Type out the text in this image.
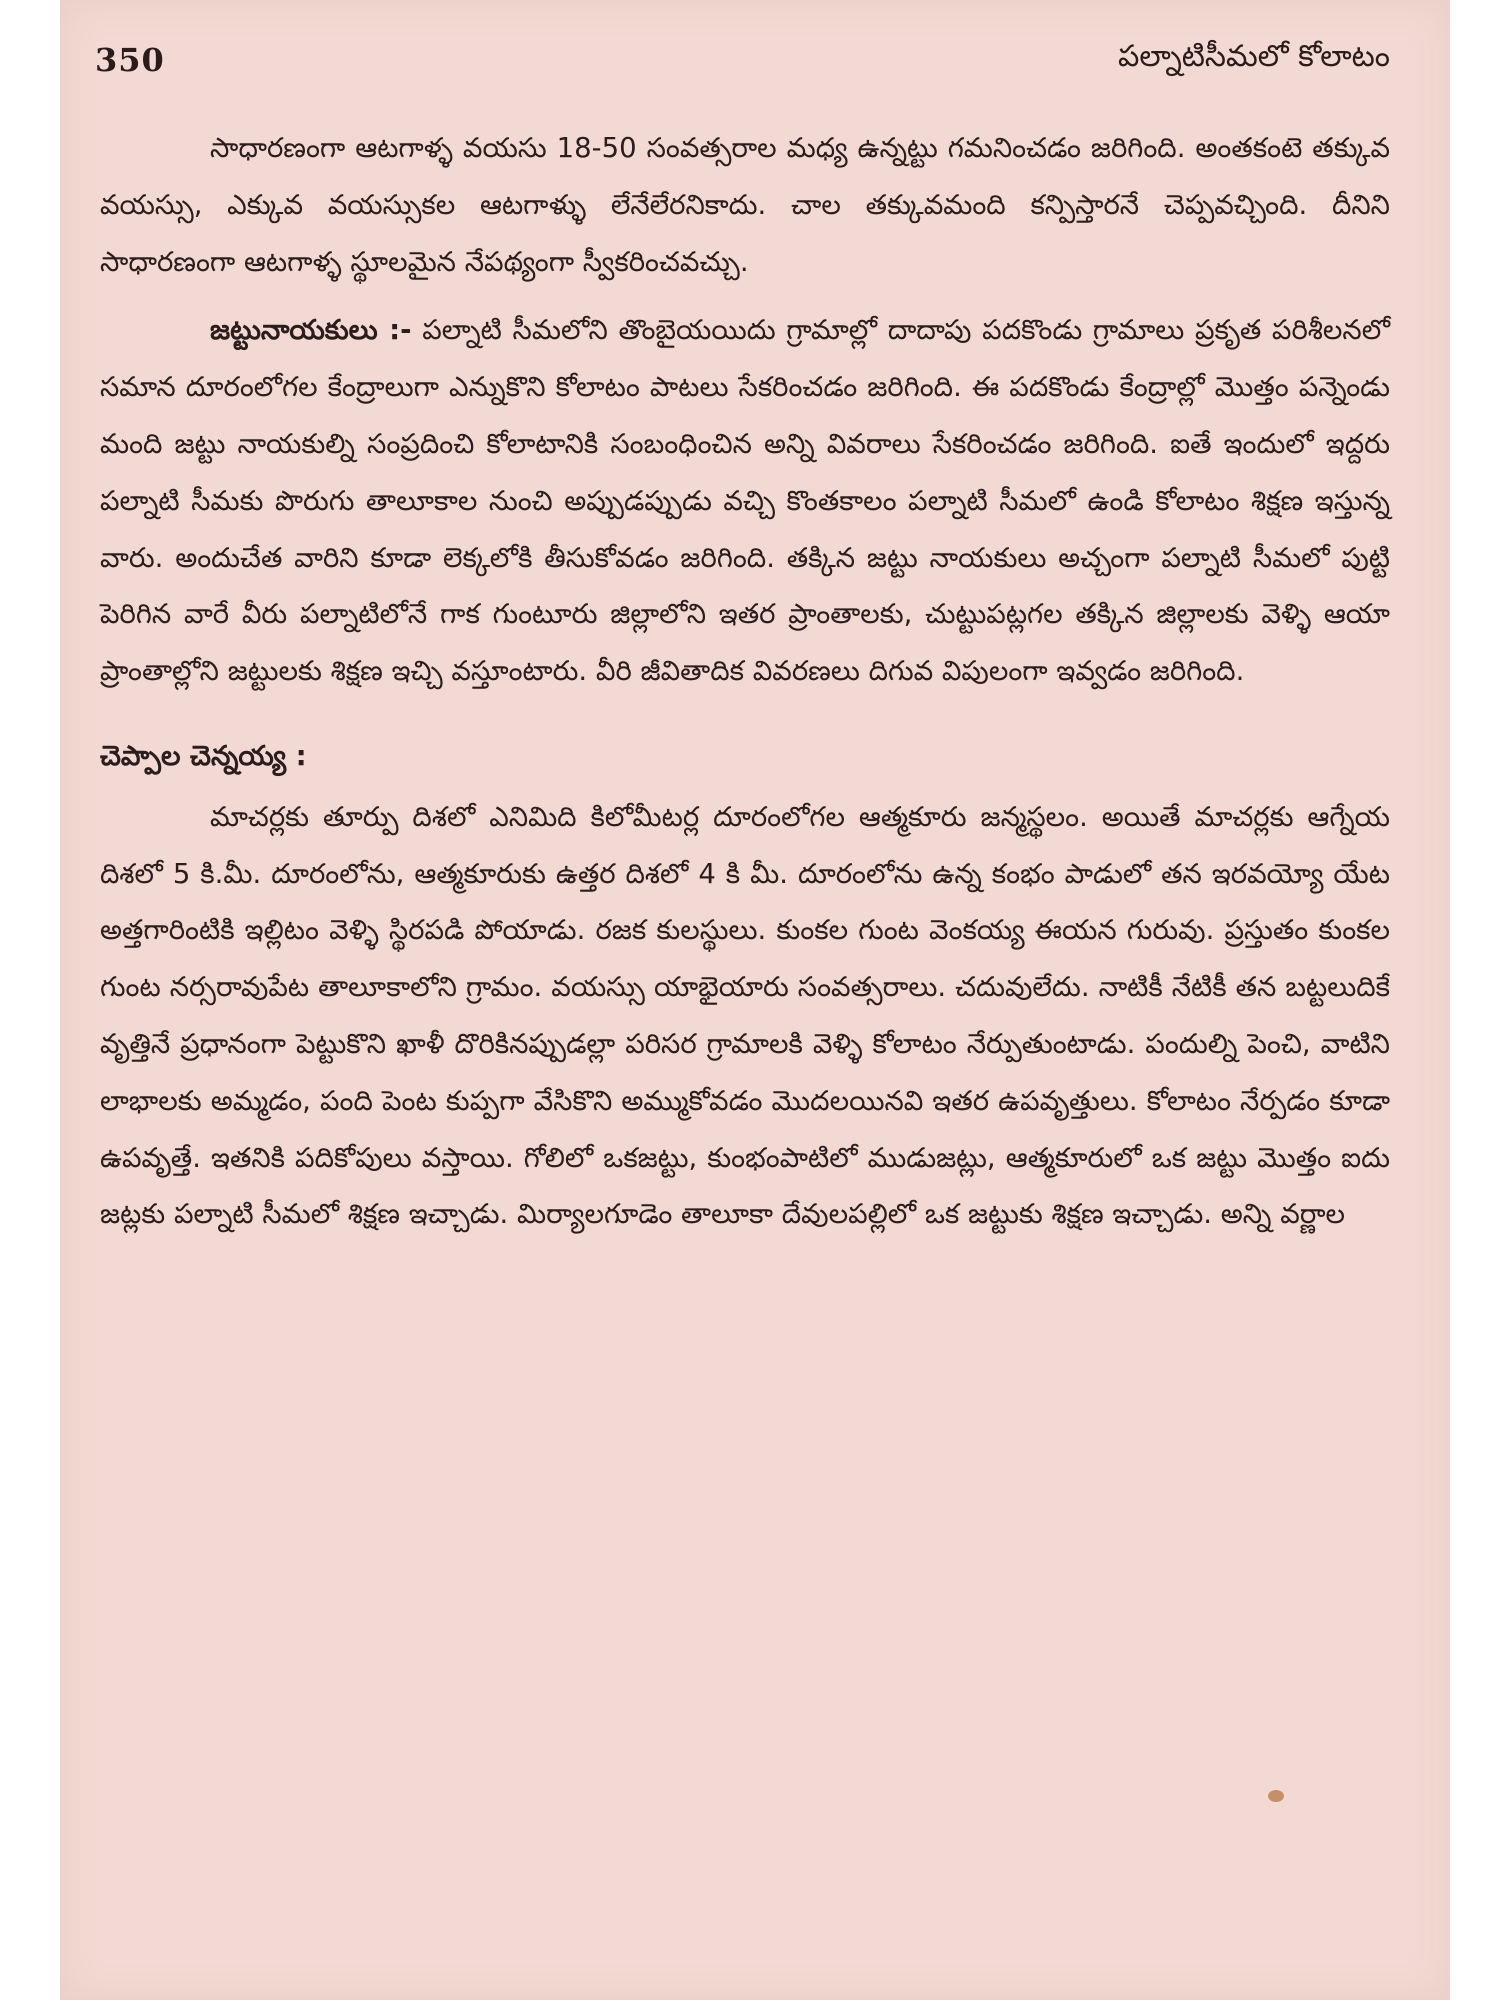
350	పల్నాటిసీమలో కోలాటం

సాధారణంగా ఆటగాళ్ళ వయసు 18-50 సంవత్సరాల మధ్య ఉన్నట్టు గమనించడం జరిగింది. అంతకంటె తక్కువ వయస్సు, ఎక్కువ వయస్సుకల ఆటగాళ్ళు లేనేలేరనికాదు. చాల తక్కువమంది కన్పిస్తారనే చెప్పవచ్చింది. దీనిని సాధారణంగా ఆటగాళ్ళ స్థూలమైన నేపథ్యంగా స్వీకరించవచ్చు.

జట్టునాయకులు :- పల్నాటి సీమలోని తొంబైయయిదు గ్రామాల్లో దాదాపు పదకొండు గ్రామాలు ప్రకృత పరిశీలనలో సమాన దూరంలోగల కేంద్రాలుగా ఎన్నుకొని కోలాటం పాటలు సేకరించడం జరిగింది. ఈ పదకొండు కేంద్రాల్లో మొత్తం పన్నెండు మంది జట్టు నాయకుల్ని సంప్రదించి కోలాటానికి సంబంధించిన అన్ని వివరాలు సేకరించడం జరిగింది. ఐతే ఇందులో ఇద్దరు పల్నాటి సీమకు పొరుగు తాలూకాల నుంచి అప్పుడప్పుడు వచ్చి కొంతకాలం పల్నాటి సీమలో ఉండి కోలాటం శిక్షణ ఇస్తున్న వారు. అందుచేత వారిని కూడా లెక్కలోకి తీసుకోవడం జరిగింది. తక్కిన జట్టు నాయకులు అచ్చంగా పల్నాటి సీమలో పుట్టి పెరిగిన వారే వీరు పల్నాటిలోనే గాక గుంటూరు జిల్లాలోని ఇతర ప్రాంతాలకు, చుట్టుపట్లగల తక్కిన జిల్లాలకు వెళ్ళి ఆయా ప్రాంతాల్లోని జట్టులకు శిక్షణ ఇచ్చి వస్తూంటారు. వీరి జీవితాదిక వివరణలు దిగువ విపులంగా ఇవ్వడం జరిగింది.

చెప్పాల చెన్నయ్య :

మాచర్లకు తూర్పు దిశలో ఎనిమిది కిలోమీటర్ల దూరంలోగల ఆత్మకూరు జన్మస్థలం. అయితే మాచర్లకు ఆగ్నేయ దిశలో 5 కి.మీ. దూరంలోను, ఆత్మకూరుకు ఉత్తర దిశలో 4 కి మీ. దూరంలోను ఉన్న కంభం పాడులో తన ఇరవయ్యో యేట అత్తగారింటికి ఇల్లిటం వెళ్ళి స్థిరపడి పోయాడు. రజక కులస్థులు. కుంకల గుంట వెంకయ్య ఈయన గురువు. ప్రస్తుతం కుంకల గుంట నర్సరావుపేట తాలూకాలోని గ్రామం. వయస్సు యాభైయారు సంవత్సరాలు. చదువులేదు. నాటికీ నేటికీ తన బట్టలుదికే వృత్తినే ప్రధానంగా పెట్టుకొని ఖాళీ దొరికినప్పుడల్లా పరిసర గ్రామాలకి వెళ్ళి కోలాటం నేర్పుతుంటాడు. పందుల్ని పెంచి, వాటిని లాభాలకు అమ్మడం, పంది పెంట కుప్పగా వేసికొని అమ్ముకోవడం మొదలయినవి ఇతర ఉపవృత్తులు. కోలాటం నేర్పడం కూడా ఉపవృత్తే. ఇతనికి పదికోపులు వస్తాయి. గోలిలో ఒకజట్టు, కుంభంపాటిలో ముడుజట్లు, ఆత్మకూరులో ఒక జట్టు మొత్తం ఐదు జట్లకు పల్నాటి సీమలో శిక్షణ ఇచ్చాడు. మిర్యాలగూడెం తాలూకా దేవులపల్లిలో ఒక జట్టుకు శిక్షణ ఇచ్చాడు. అన్ని వర్ణాల
